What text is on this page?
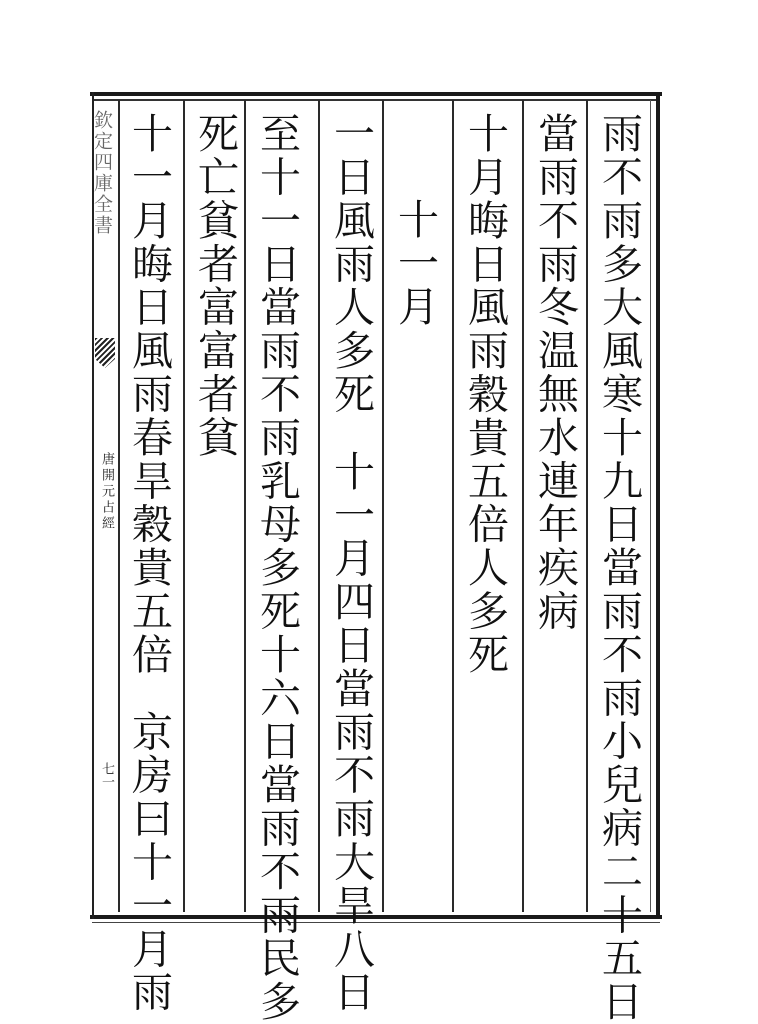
欽定四庫全書
唐開元占經
七一	雨不雨多大風寒十九日當雨不雨小兒病二十五日
當雨不雨冬温無水連年疾病
十月晦日風雨穀貴五倍人多死
十一月
一日風雨人多死十一月四日當雨不雨大旱八日
至十一日當雨不雨乳母多死十六日當雨不雨民多
死亡貧者富富者貧
十一月晦日風雨春旱穀貴五倍京房曰十一月雨
